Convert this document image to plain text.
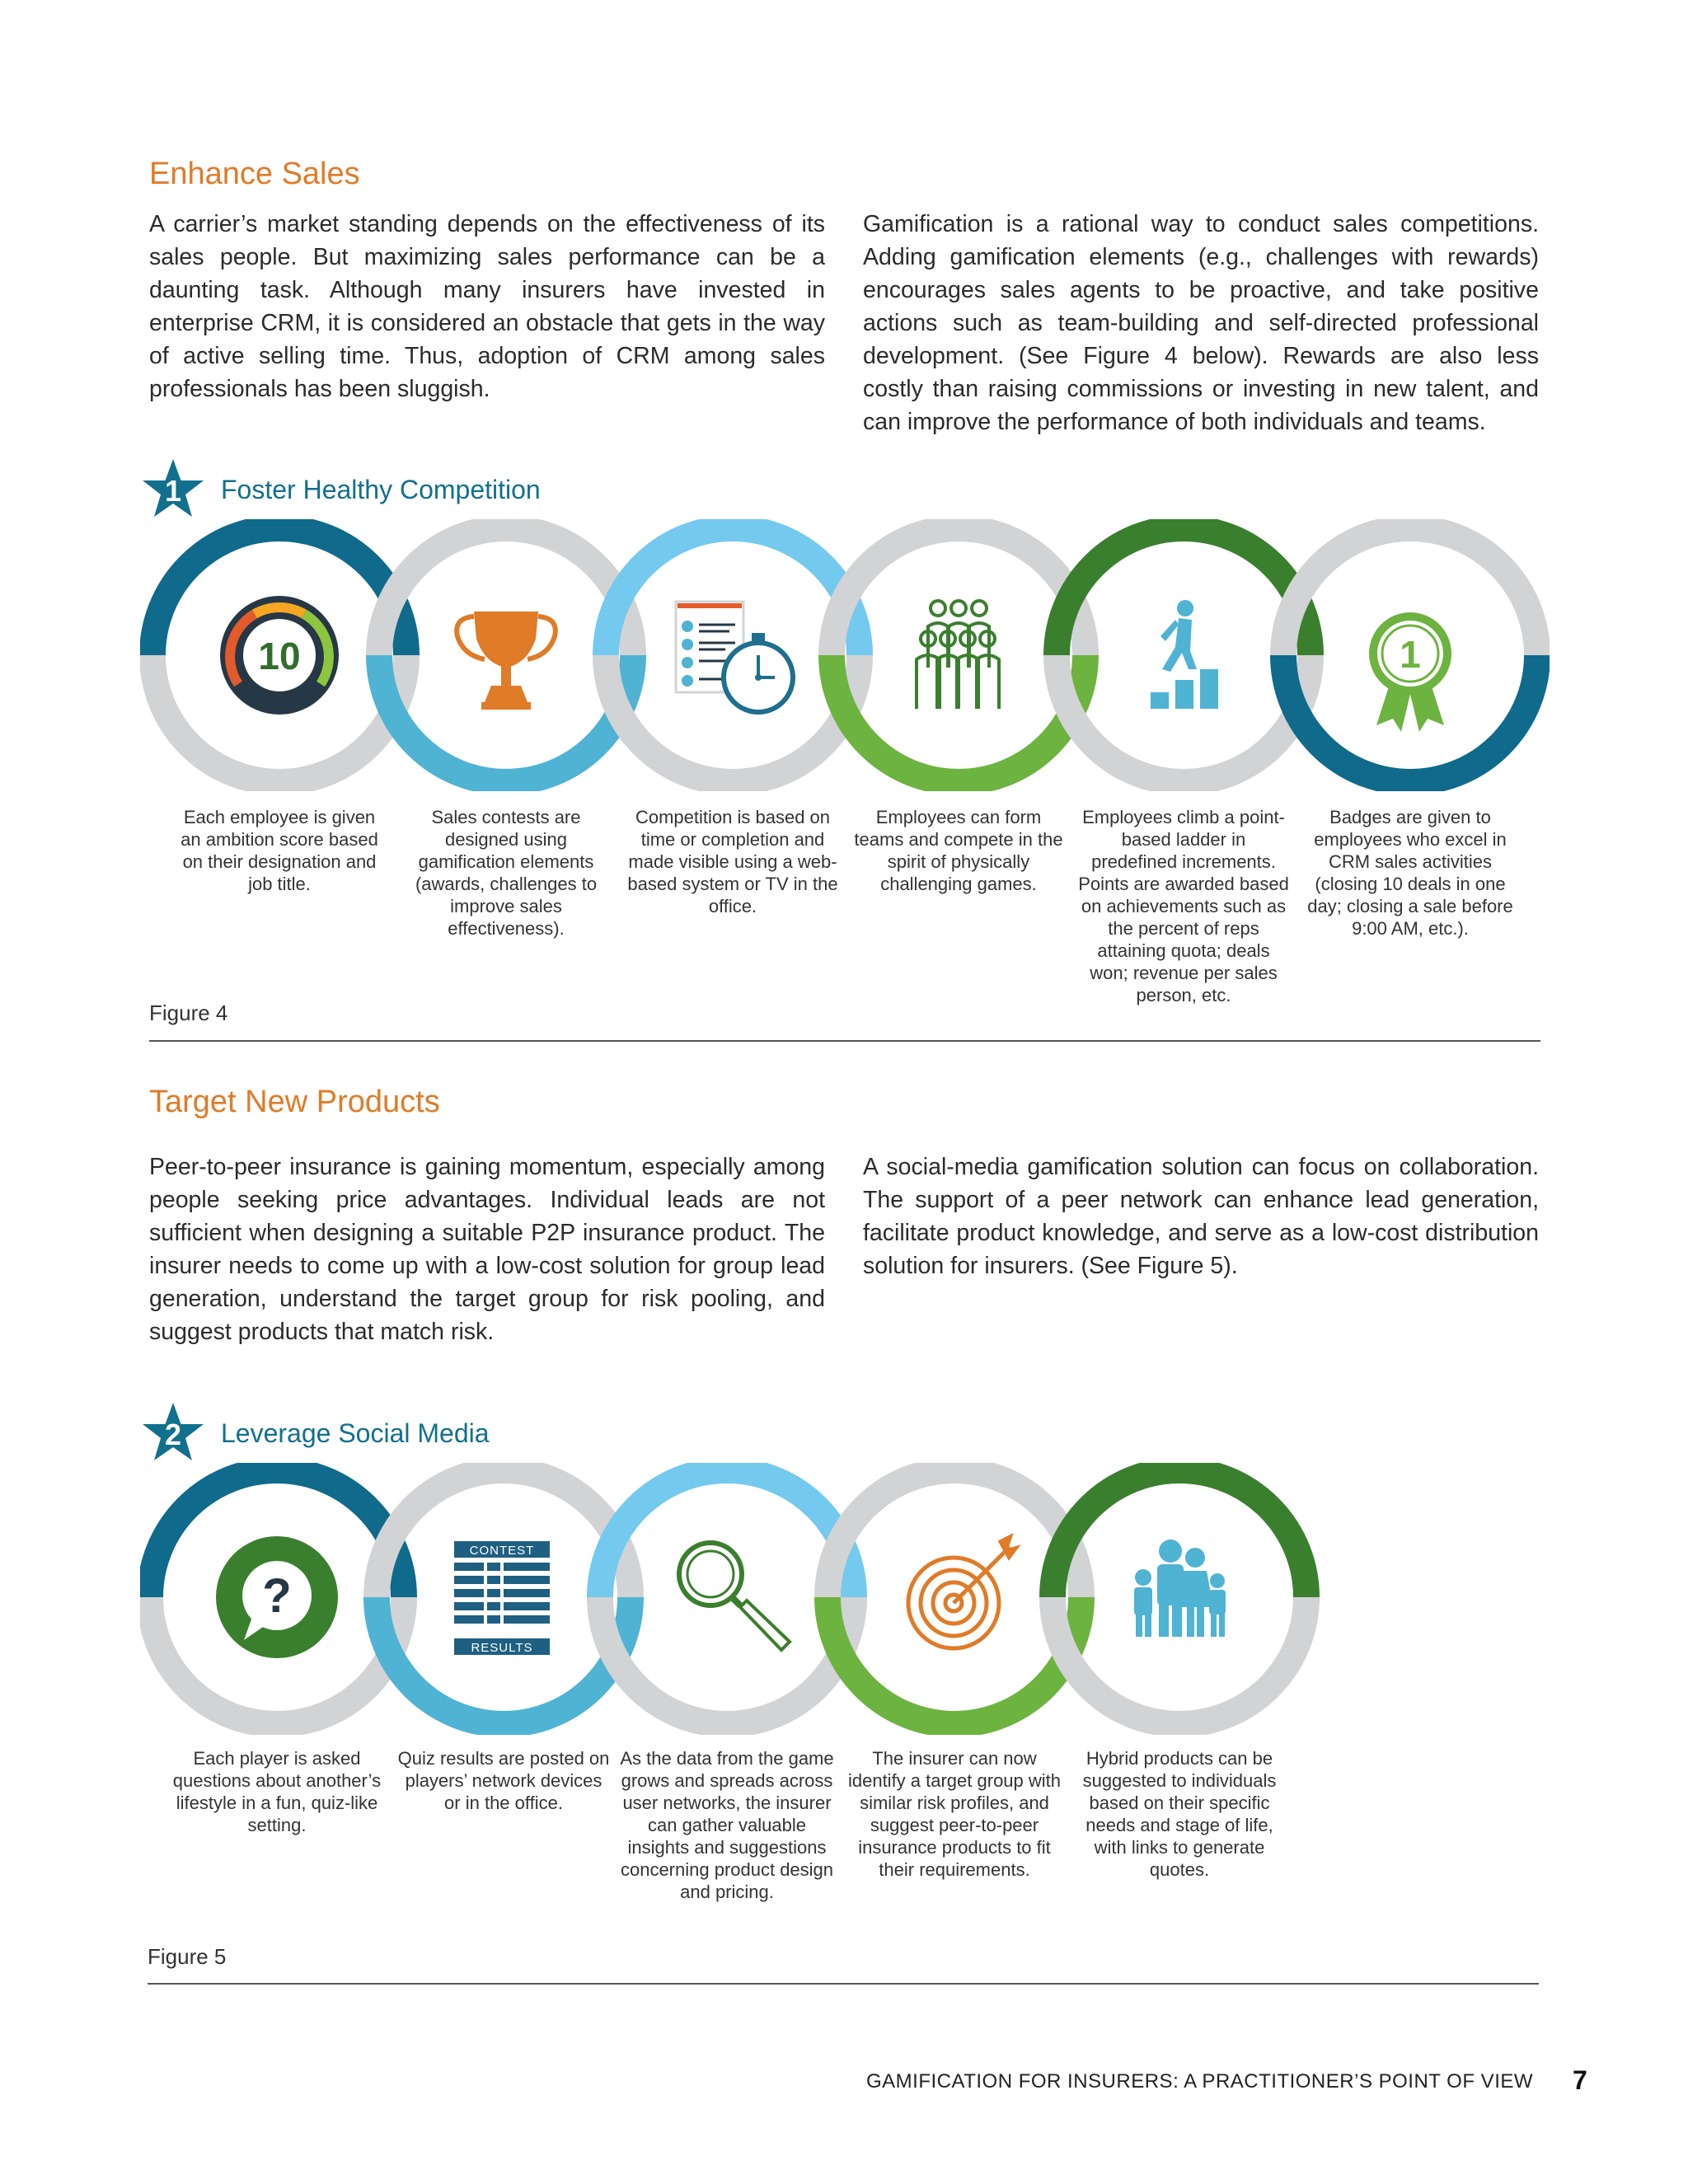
Enhance Sales
A carrier’s market standing depends on the effectiveness of its sales people. But maximizing sales performance can be a daunting task. Although many insurers have invested in enterprise CRM, it is considered an obstacle that gets in the way of active selling time. Thus, adoption of CRM among sales professionals has been sluggish.
Gamification is a rational way to conduct sales competitions. Adding gamification elements (e.g., challenges with rewards) encourages sales agents to be proactive, and take positive actions such as team-building and self-directed professional development. (See Figure 4 below). Rewards are also less costly than raising commissions or investing in new talent, and can improve the performance of both individuals and teams.
1	Foster Healthy Competition
STEP 1
STEP 2
STEP 3
STEP 4
STEP 5
STEP 6
10	1
Each employee is given an ambition score based on their designation and job title.
Sales contests are designed using gamification elements (awards, challenges to improve sales effectiveness).
Competition is based on time or completion and made visible using a web-based system or TV in the office.
Employees can form teams and compete in the spirit of physically challenging games.
Employees climb a point-based ladder in predefined increments. Points are awarded based on achievements such as the percent of reps attaining quota; deals won; revenue per sales person, etc.
Badges are given to employees who excel in CRM sales activities (closing 10 deals in one day; closing a sale before 9:00 AM, etc.).
Figure 4
Target New Products
Peer-to-peer insurance is gaining momentum, especially among people seeking price advantages. Individual leads are not sufficient when designing a suitable P2P insurance product. The insurer needs to come up with a low-cost solution for group lead generation, understand the target group for risk pooling, and suggest products that match risk.
A social-media gamification solution can focus on collaboration. The support of a peer network can enhance lead generation, facilitate product knowledge, and serve as a low-cost distribution solution for insurers. (See Figure 5).
2	Leverage Social Media
STEP 1
STEP 2
STEP 3
STEP 4
STEP 5
?
CONTEST
RESULTS
Each player is asked questions about another’s lifestyle in a fun, quiz-like setting.
Quiz results are posted on players’ network devices or in the office.
As the data from the game grows and spreads across user networks, the insurer can gather valuable insights and suggestions concerning product design and pricing.
The insurer can now identify a target group with similar risk profiles, and suggest peer-to-peer insurance products to fit their requirements.
Hybrid products can be suggested to individuals based on their specific needs and stage of life, with links to generate quotes.
Figure 5
GAMIFICATION FOR INSURERS: A PRACTITIONER’S POINT OF VIEW 7
